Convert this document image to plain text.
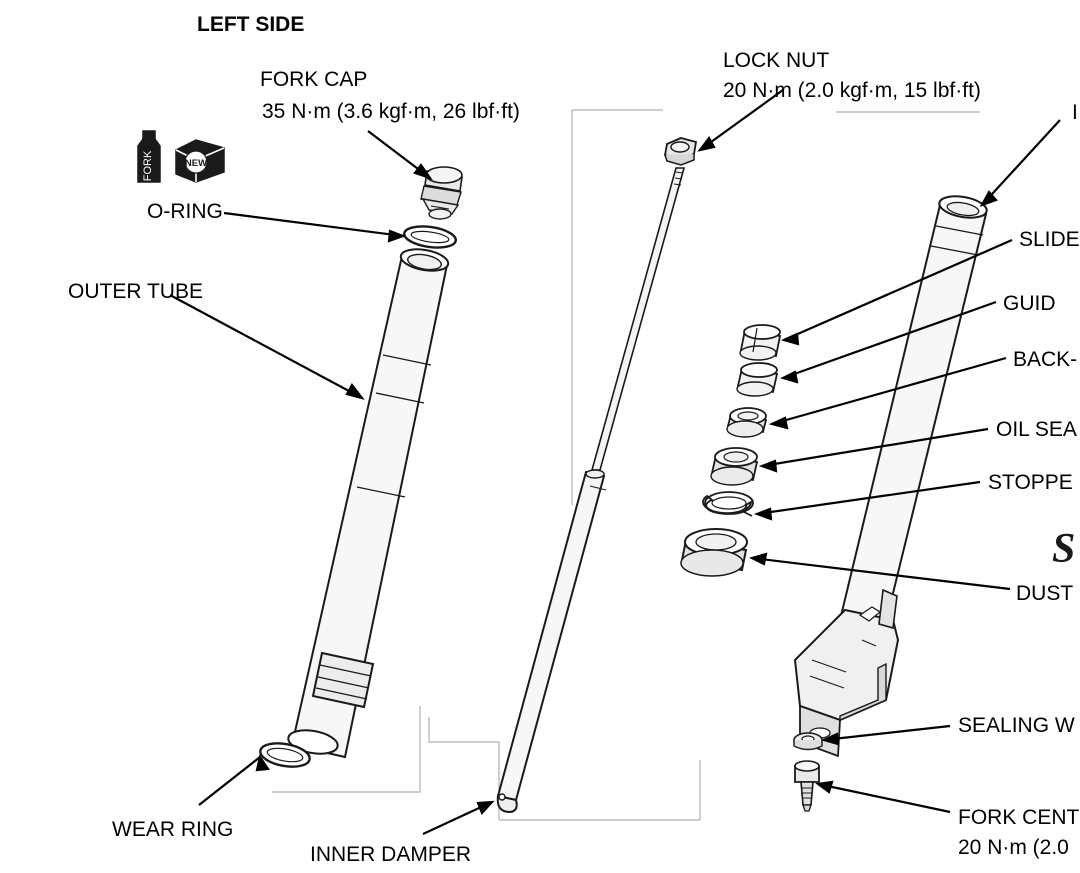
FORK	NEW
S
LEFT SIDE
FORK CAP
35 N·m (3.6 kgf·m, 26 lbf·ft)
O-RING
OUTER TUBE
WEAR RING
INNER DAMPER
LOCK NUT
20 N·m (2.0 kgf·m, 15 lbf·ft)
SLIDE
GUID
BACK-
OIL SEA
STOPPE
DUST
SEALING W
FORK CENT
20 N·m (2.0
I
